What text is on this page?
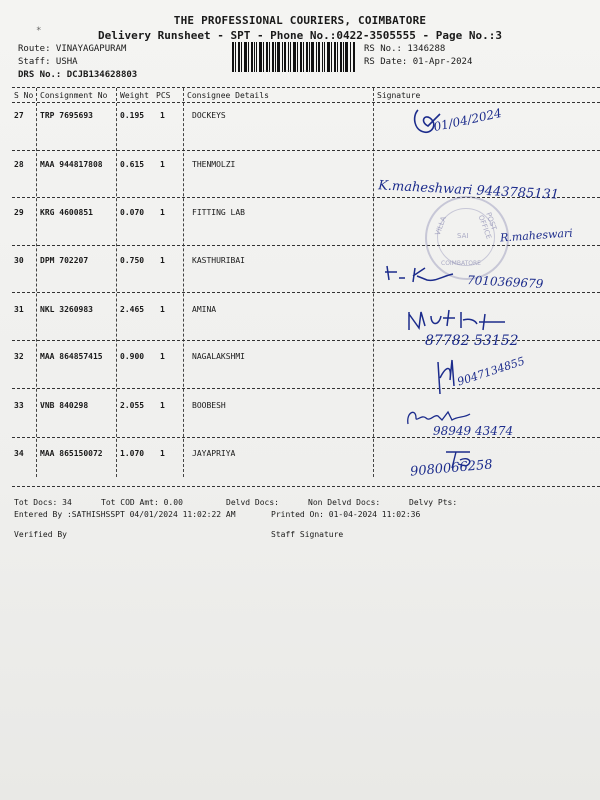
*
THE PROFESSIONAL COURIERS, COIMBATORE
Delivery Runsheet - SPT - Phone No.:0422-3505555 - Page No.:3
Route: VINAYAGAPURAM
Staff: USHA
DRS No.: DCJB134628803
RS No.: 1346288
RS Date: 01-Apr-2024
S No Consignment No Weight PCS Consignee Details	Signature
27 TRP 7695693	0.195 1	DOCKEYS
28 MAA 944817808 0.615 1	THENMOLZI
29 KRG 4600851	0.070 1	FITTING LAB
30 DPM 702207	0.750 1	KASTHURIBAI
31 NKL 3260983	2.465 1	AMINA
32 MAA 864857415 0.900 1	NAGALAKSHMI
33 VNB 840298	2.055 1	BOOBESH
34 MAA 865150072 1.070 1	JAYAPRIYA
VILLA SAI
POST OFFICE
COIMBATORE
01/04/2024
K.maheshwari 9443785131
R.maheswari
7010369679
87782 53152
9047134855
98949 43474
9080066258
Tot Docs: 34	Tot COD Amt: 0.00	Delvd Docs:	Non Delvd Docs:	Delvy Pts:
Entered By :SATHISHSSPT 04/01/2024 11:02:22 AM	Printed On: 01-04-2024 11:02:36
Verified By	Staff Signature
